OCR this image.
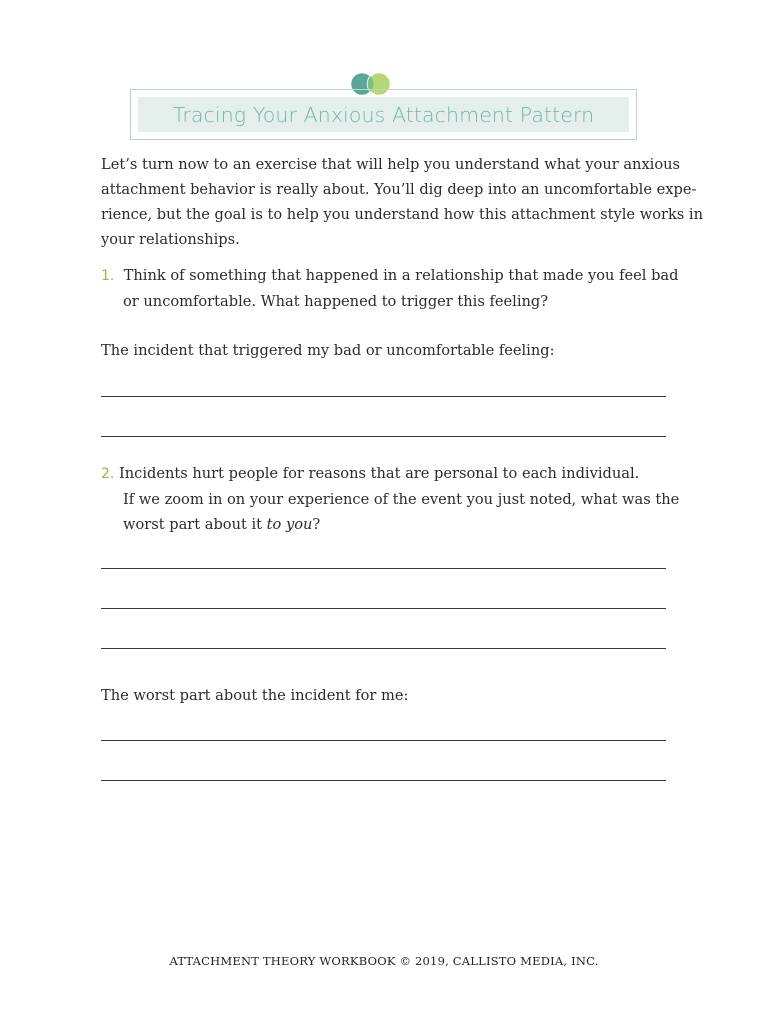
Tracing Your Anxious Attachment Pattern
Let’s turn now to an exercise that will help you understand what your anxious
attachment behavior is really about. You’ll dig deep into an uncomfortable expe-
rience, but the goal is to help you understand how this attachment style works in
your relationships.
1. Think of something that happened in a relationship that made you feel bad
or uncomfortable. What happened to trigger this feeling?
The incident that triggered my bad or uncomfortable feeling:
2. Incidents hurt people for reasons that are personal to each individual.
If we zoom in on your experience of the event you just noted, what was the
worst part about it to you?
The worst part about the incident for me:
ATTACHMENT THEORY WORKBOOK © 2019, CALLISTO MEDIA, INC.
